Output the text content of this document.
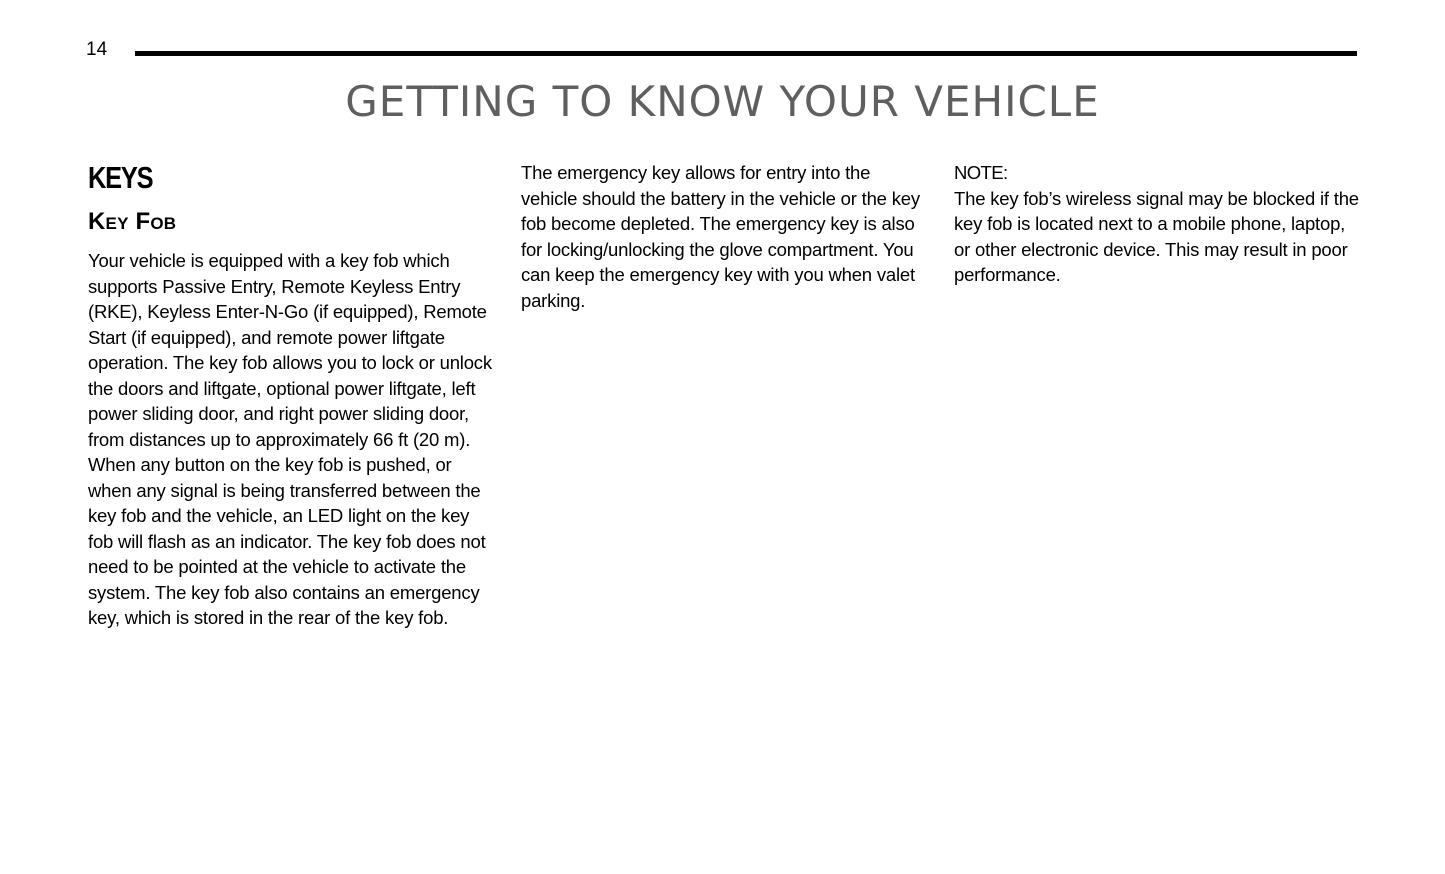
14
GETTING TO KNOW YOUR VEHICLE
KEYS
Key Fob

Your vehicle is equipped with a key fob which supports Passive Entry, Remote Keyless Entry (RKE), Keyless Enter-N-Go (if equipped), Remote Start (if equipped), and remote power liftgate operation. The key fob allows you to lock or unlock the doors and liftgate, optional power liftgate, left power sliding door, and right power sliding door, from distances up to approximately 66 ft (20 m). When any button on the key fob is pushed, or when any signal is being transferred between the key fob and the vehicle, an LED light on the key fob will flash as an indicator. The key fob does not need to be pointed at the vehicle to activate the system. The key fob also contains an emergency key, which is stored in the rear of the key fob.

The emergency key allows for entry into the vehicle should the battery in the vehicle or the key fob become depleted. The emergency key is also for locking/unlocking the glove compartment. You can keep the emergency key with you when valet parking.

NOTE:

The key fob’s wireless signal may be blocked if the key fob is located next to a mobile phone, laptop, or other electronic device. This may result in poor performance.
